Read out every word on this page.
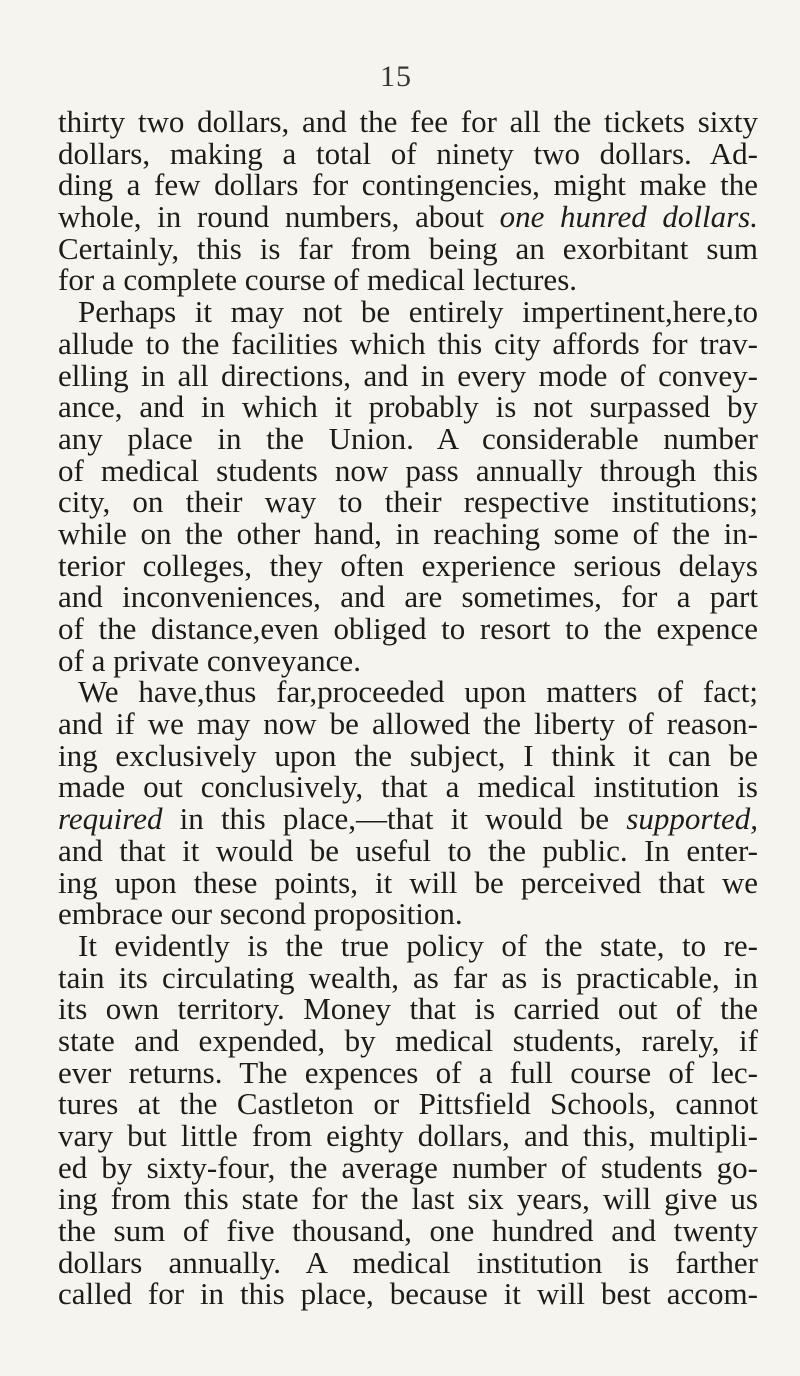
15
thirty two dollars, and the fee for all the tickets sixty
dollars, making a total of ninety two dollars. Ad-
ding a few dollars for contingencies, might make the
whole, in round numbers, about one hunred dollars.
Certainly, this is far from being an exorbitant sum
for a complete course of medical lectures.
Perhaps it may not be entirely impertinent,here,to
allude to the facilities which this city affords for trav-
elling in all directions, and in every mode of convey-
ance, and in which it probably is not surpassed by
any place in the Union. A considerable number
of medical students now pass annually through this
city, on their way to their respective institutions;
while on the other hand, in reaching some of the in-
terior colleges, they often experience serious delays
and inconveniences, and are sometimes, for a part
of the distance,even obliged to resort to the expence
of a private conveyance.
We have,thus far,proceeded upon matters of fact;
and if we may now be allowed the liberty of reason-
ing exclusively upon the subject, I think it can be
made out conclusively, that a medical institution is
required in this place,—that it would be supported,
and that it would be useful to the public. In enter-
ing upon these points, it will be perceived that we
embrace our second proposition.
It evidently is the true policy of the state, to re-
tain its circulating wealth, as far as is practicable, in
its own territory. Money that is carried out of the
state and expended, by medical students, rarely, if
ever returns. The expences of a full course of lec-
tures at the Castleton or Pittsfield Schools, cannot
vary but little from eighty dollars, and this, multipli-
ed by sixty-four, the average number of students go-
ing from this state for the last six years, will give us
the sum of five thousand, one hundred and twenty
dollars annually. A medical institution is farther
called for in this place, because it will best accom-
